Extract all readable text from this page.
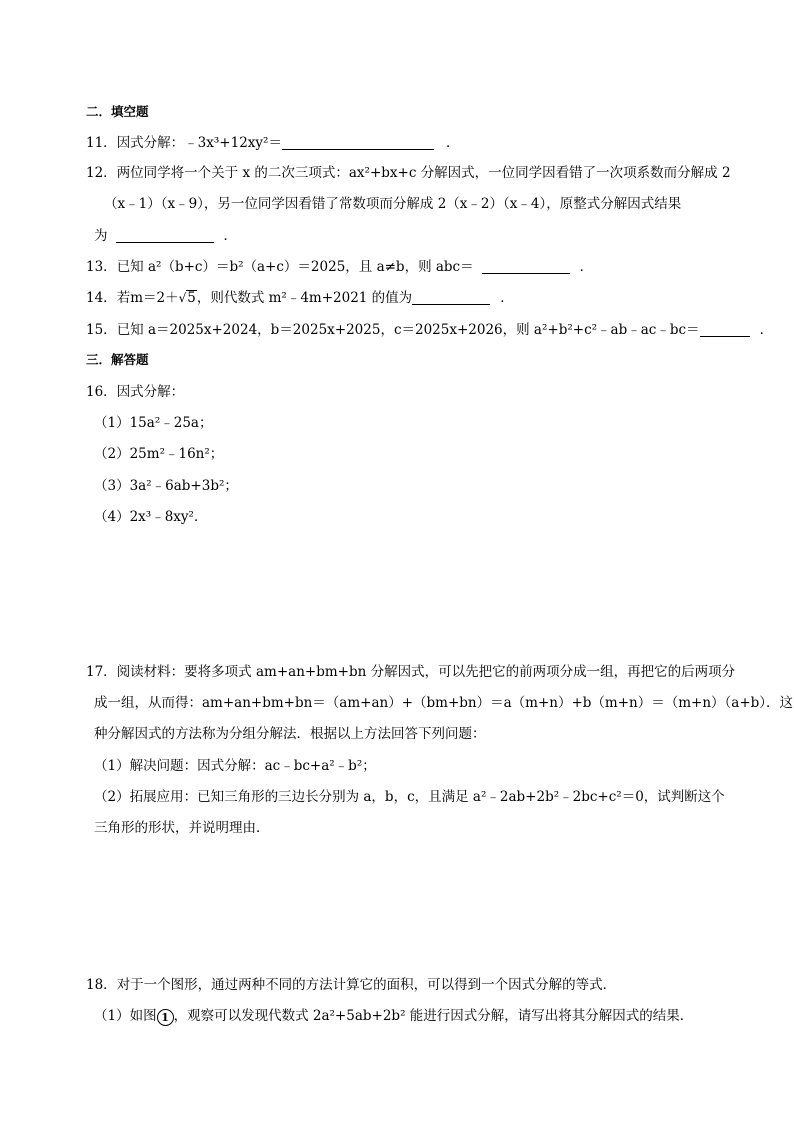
二．填空题
11．因式分解：﹣3x³+12xy²＝	．
12．两位同学将一个关于 x 的二次三项式：ax²+bx+c 分解因式，一位同学因看错了一次项系数而分解成 2
（x﹣1）（x﹣9），另一位同学因看错了常数项而分解成 2（x﹣2）（x﹣4），原整式分解因式结果
为	．
13．已知 a²（b+c）＝b²（a+c）＝2025，且 a≠b，则 abc＝	．
14．若m＝2＋√5，则代数式 m²﹣4m+2021 的值为	．
15．已知 a＝2025x+2024，b＝2025x+2025，c＝2025x+2026，则 a²+b²+c²﹣ab﹣ac﹣bc＝	．
三．解答题
16．因式分解：
（1）15a²﹣25a；
（2）25m²﹣16n²；
（3）3a²﹣6ab+3b²；
（4）2x³﹣8xy²．
17．阅读材料：要将多项式 am+an+bm+bn 分解因式，可以先把它的前两项分成一组，再把它的后两项分
成一组，从而得：am+an+bm+bn＝（am+an）+（bm+bn）＝a（m+n）+b（m+n）＝（m+n）（a+b）．这
种分解因式的方法称为分组分解法．根据以上方法回答下列问题：
（1）解决问题：因式分解：ac﹣bc+a²﹣b²；
（2）拓展应用：已知三角形的三边长分别为 a，b，c，且满足 a²﹣2ab+2b²﹣2bc+c²＝0，试判断这个
三角形的形状，并说明理由．
18．对于一个图形，通过两种不同的方法计算它的面积，可以得到一个因式分解的等式．
（1）如图 1 ，观察可以发现代数式 2a²+5ab+2b² 能进行因式分解，请写出将其分解因式的结果．
